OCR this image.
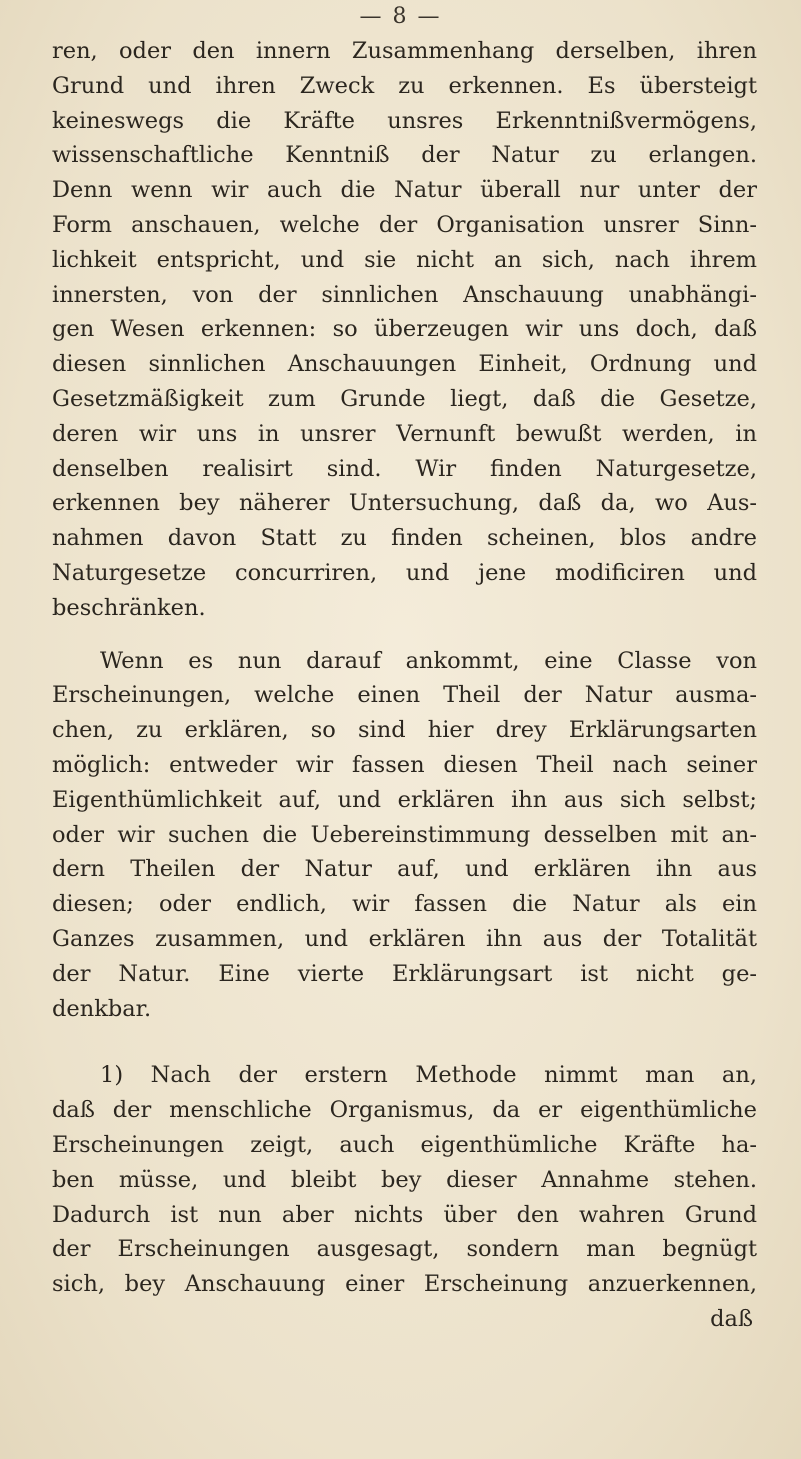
— 8 —
ren, oder den innern Zusammenhang derselben, ihren
Grund und ihren Zweck zu erkennen. Es übersteigt
keineswegs die Kräfte unsres Erkenntnißvermögens,
wissenschaftliche Kenntniß der Natur zu erlangen.
Denn wenn wir auch die Natur überall nur unter der
Form anschauen, welche der Organisation unsrer Sinn-
lichkeit entspricht, und sie nicht an sich, nach ihrem
innersten, von der sinnlichen Anschauung unabhängi-
gen Wesen erkennen: so überzeugen wir uns doch, daß
diesen sinnlichen Anschauungen Einheit, Ordnung und
Gesetzmäßigkeit zum Grunde liegt, daß die Gesetze,
deren wir uns in unsrer Vernunft bewußt werden, in
denselben realisirt sind. Wir finden Naturgesetze,
erkennen bey näherer Untersuchung, daß da, wo Aus-
nahmen davon Statt zu finden scheinen, blos andre
Naturgesetze concurriren, und jene modificiren und
beschränken.
Wenn es nun darauf ankommt, eine Classe von
Erscheinungen, welche einen Theil der Natur ausma-
chen, zu erklären, so sind hier drey Erklärungsarten
möglich: entweder wir fassen diesen Theil nach seiner
Eigenthümlichkeit auf, und erklären ihn aus sich selbst;
oder wir suchen die Uebereinstimmung desselben mit an-
dern Theilen der Natur auf, und erklären ihn aus
diesen; oder endlich, wir fassen die Natur als ein
Ganzes zusammen, und erklären ihn aus der Totalität
der Natur. Eine vierte Erklärungsart ist nicht ge-
denkbar.
1) Nach der erstern Methode nimmt man an,
daß der menschliche Organismus, da er eigenthümliche
Erscheinungen zeigt, auch eigenthümliche Kräfte ha-
ben müsse, und bleibt bey dieser Annahme stehen.
Dadurch ist nun aber nichts über den wahren Grund
der Erscheinungen ausgesagt, sondern man begnügt
sich, bey Anschauung einer Erscheinung anzuerkennen,
daß
